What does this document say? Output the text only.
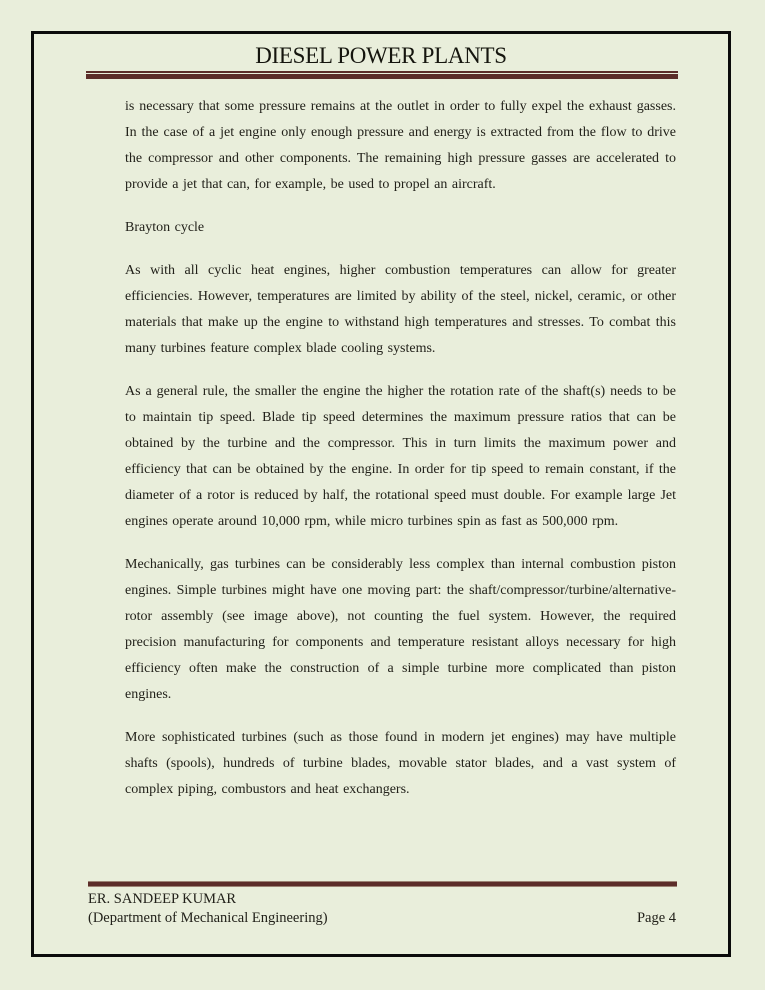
DIESEL POWER PLANTS

is necessary that some pressure remains at the outlet in order to fully expel the exhaust gasses. In the case of a jet engine only enough pressure and energy is extracted from the flow to drive the compressor and other components. The remaining high pressure gasses are accelerated to provide a jet that can, for example, be used to propel an aircraft.

Brayton cycle

As with all cyclic heat engines, higher combustion temperatures can allow for greater efficiencies. However, temperatures are limited by ability of the steel, nickel, ceramic, or other materials that make up the engine to withstand high temperatures and stresses. To combat this many turbines feature complex blade cooling systems.

As a general rule, the smaller the engine the higher the rotation rate of the shaft(s) needs to be to maintain tip speed. Blade tip speed determines the maximum pressure ratios that can be obtained by the turbine and the compressor. This in turn limits the maximum power and efficiency that can be obtained by the engine. In order for tip speed to remain constant, if the diameter of a rotor is reduced by half, the rotational speed must double. For example large Jet engines operate around 10,000 rpm, while micro turbines spin as fast as 500,000 rpm.

Mechanically, gas turbines can be considerably less complex than internal combustion piston engines. Simple turbines might have one moving part: the shaft/compressor/turbine/alternative-rotor assembly (see image above), not counting the fuel system. However, the required precision manufacturing for components and temperature resistant alloys necessary for high efficiency often make the construction of a simple turbine more complicated than piston engines.

More sophisticated turbines (such as those found in modern jet engines) may have multiple shafts (spools), hundreds of turbine blades, movable stator blades, and a vast system of complex piping, combustors and heat exchangers.

ER. SANDEEP KUMAR
(Department of Mechanical Engineering)	Page 4
